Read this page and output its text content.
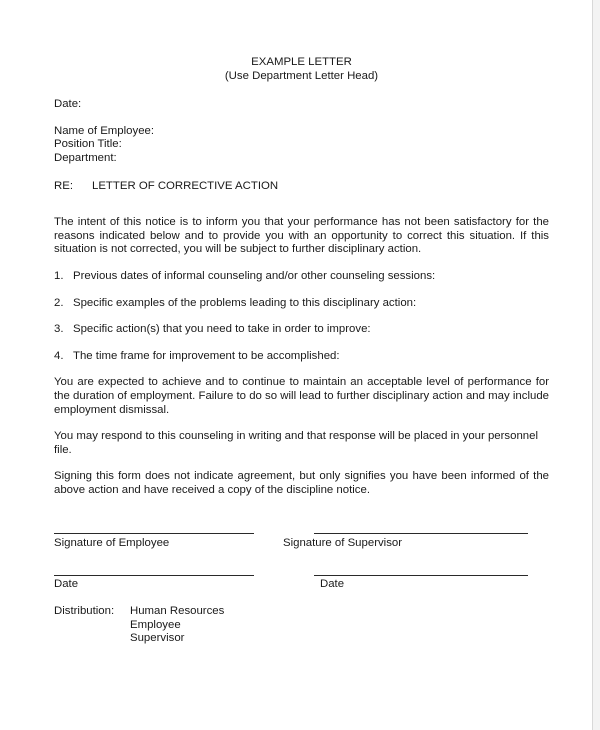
EXAMPLE LETTER

(Use Department Letter Head)

Date:

Name of Employee:

Position Title:

Department:

RE:	LETTER OF CORRECTIVE ACTION

The intent of this notice is to inform you that your performance has not been satisfactory for the reasons indicated below and to provide you with an opportunity to correct this situation. If this situation is not corrected, you will be subject to further disciplinary action.

1. Previous dates of informal counseling and/or other counseling sessions:
2. Specific examples of the problems leading to this disciplinary action:
3. Specific action(s) that you need to take in order to improve:
4. The time frame for improvement to be accomplished:

You are expected to achieve and to continue to maintain an acceptable level of performance for the duration of employment. Failure to do so will lead to further disciplinary action and may include employment dismissal.

You may respond to this counseling in writing and that response will be placed in your personnel file.

Signing this form does not indicate agreement, but only signifies you have been informed of the above action and have received a copy of the discipline notice.

Signature of Employee	Signature of Supervisor
Date	Date
Distribution:	Human Resources
Employee
Supervisor
